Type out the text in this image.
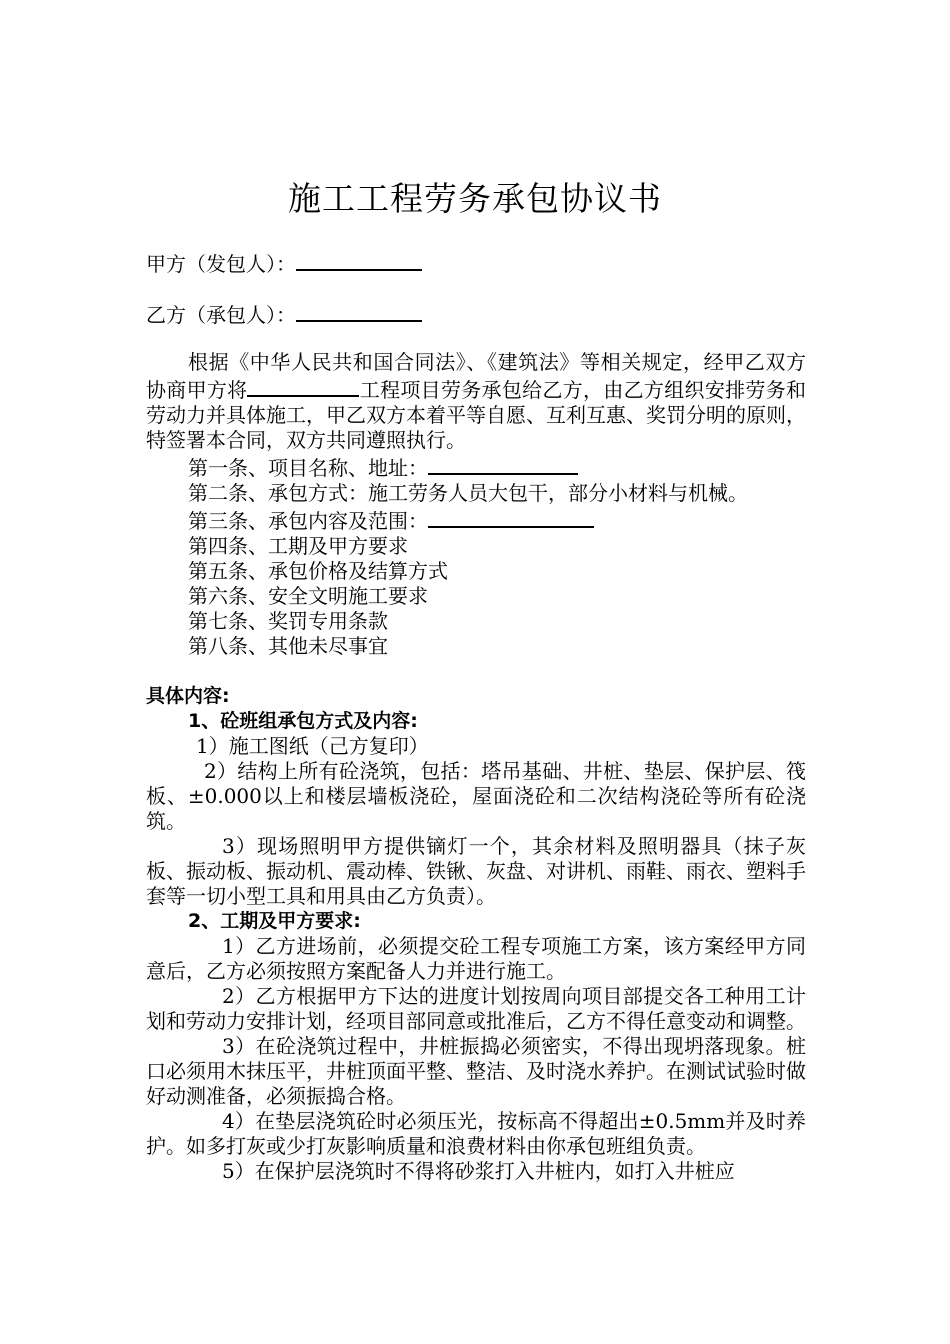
施工工程劳务承包协议书
甲方（发包人）：
乙方（承包人）：

根据《中华人民共和国合同法》、《建筑法》等相关规定，经甲乙双方协商甲方将	工程项目劳务承包给乙方，由乙方组织安排劳务和劳动力并具体施工，甲乙双方本着平等自愿、互利互惠、奖罚分明的原则，特签署本合同，双方共同遵照执行。

第一条、项目名称、地址：

第二条、承包方式：施工劳务人员大包干，部分小材料与机械。

第三条、承包内容及范围：

第四条、工期及甲方要求

第五条、承包价格及结算方式

第六条、安全文明施工要求

第七条、奖罚专用条款

第八条、其他未尽事宜

具体内容:

1、砼班组承包方式及内容:

1）施工图纸（己方复印）

2）结构上所有砼浇筑，包括：塔吊基础、井桩、垫层、保护层、筏板、±0.000以上和楼层墙板浇砼，屋面浇砼和二次结构浇砼等所有砼浇筑。

3）现场照明甲方提供镝灯一个，其余材料及照明器具（抹子灰板、振动板、振动机、震动棒、铁锹、灰盘、对讲机、雨鞋、雨衣、塑料手套等一切小型工具和用具由乙方负责）。

2、工期及甲方要求:

1）乙方进场前，必须提交砼工程专项施工方案，该方案经甲方同意后，乙方必须按照方案配备人力并进行施工。

2）乙方根据甲方下达的进度计划按周向项目部提交各工种用工计划和劳动力安排计划，经项目部同意或批准后，乙方不得任意变动和调整。

3）在砼浇筑过程中，井桩振捣必须密实，不得出现坍落现象。桩口必须用木抹压平，井桩顶面平整、整洁、及时浇水养护。在测试试验时做好动测准备，必须振捣合格。

4）在垫层浇筑砼时必须压光，按标高不得超出±0.5mm并及时养护。如多打灰或少打灰影响质量和浪费材料由你承包班组负责。

5）在保护层浇筑时不得将砂浆打入井桩内，如打入井桩应
